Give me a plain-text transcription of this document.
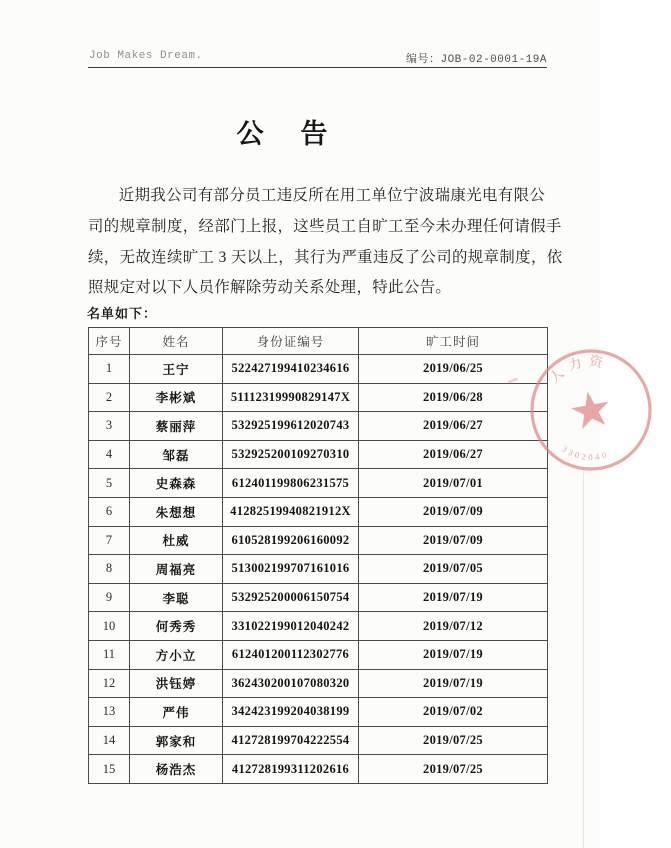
Job Makes Dream.	编号：JOB-02-0001-19A
公 告
近期我公司有部分员工违反所在用工单位宁波瑞康光电有限公
司的规章制度，经部门上报，这些员工自旷工至今未办理任何请假手
续，无故连续旷工 3 天以上，其行为严重违反了公司的规章制度，依
照规定对以下人员作解除劳动关系处理，特此公告。
名单如下：
序号	姓名	身份证编号	旷工时间
1	王宁	522427199410234616	2019/06/25
2	李彬斌	51112319990829147X	2019/06/28
3	蔡丽萍	532925199612020743	2019/06/27
4	邹磊	532925200109270310	2019/06/27
5	史森森	612401199806231575	2019/07/01
6	朱想想	41282519940821912X	2019/07/09
7	杜威	610528199206160092	2019/07/09
8	周福亮	513002199707161016	2019/07/05
9	李聪	532925200006150754	2019/07/19
10	何秀秀	331022199012040242	2019/07/12
11	方小立	612401200112302776	2019/07/19
12	洪钰婷	362430200107080320	2019/07/19
13	严伟	342423199204038199	2019/07/02
14	郭家和	412728199704222554	2019/07/25
15	杨浩杰	412728199311202616	2019/07/25
人力资
3302040
